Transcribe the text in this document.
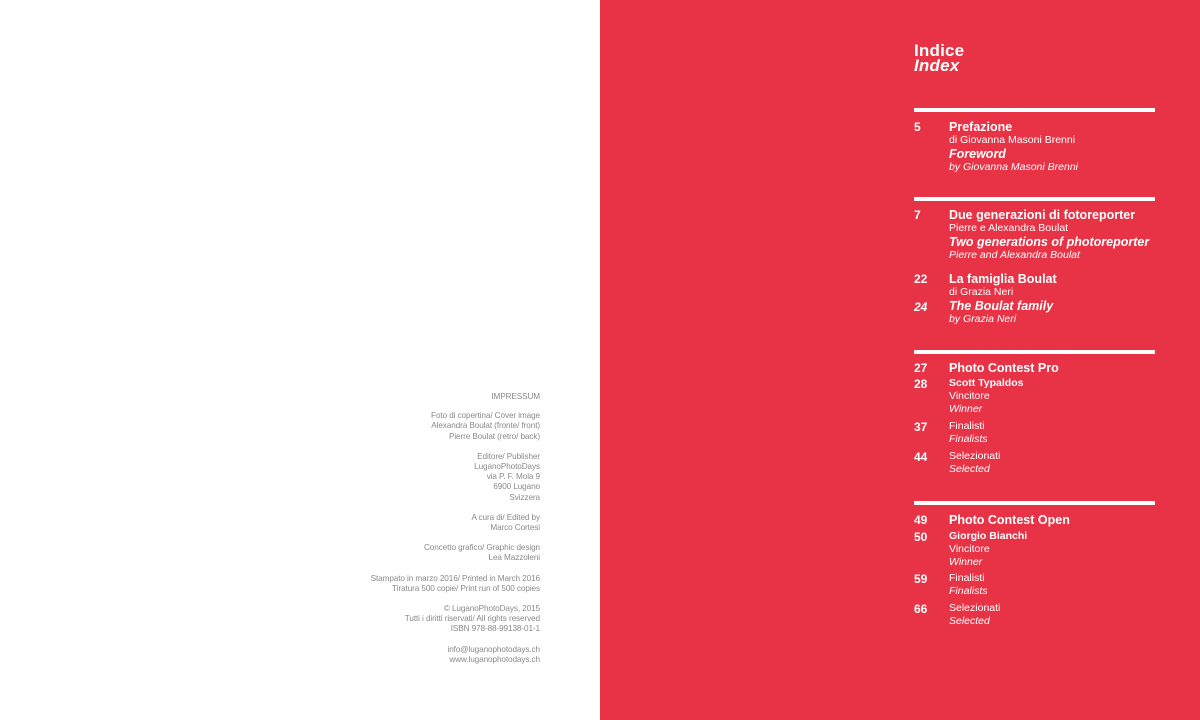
IMPRESSUM
Foto di copertina/ Cover image
Alexandra Boulat (fronte/ front)
Pierre Boulat (retro/ back)
Editore/ Publisher
LuganoPhotoDays
via P. F. Mola 9
6900 Lugano
Svizzera
A cura di/ Edited by
Marco Cortesi
Concetto grafico/ Graphic design
Lea Mazzoleni
Stampato in marzo 2016/ Printed in March 2016
Tiratura 500 copie/ Print run of 500 copies
© LuganoPhotoDays, 2015
Tutti i diritti riservati/ All rights reserved
ISBN 978-88-99138-01-1
info@luganophotodays.ch
www.luganophotodays.ch
Indice
Index
5 Prefazione
di Giovanna Masoni Brenni
Foreword
by Giovanna Masoni Brenni
7 Due generazioni di fotoreporter
Pierre e Alexandra Boulat
Two generations of photoreporter
Pierre and Alexandra Boulat
22
24
La famiglia Boulat
di Grazia Neri
The Boulat family
by Grazia Neri
27 Photo Contest Pro
28 Scott Typaldos
Vincitore
Winner
37 Finalisti
Finalists
44 Selezionati
Selected
49 Photo Contest Open
50 Giorgio Bianchi
Vincitore
Winner
59 Finalisti
Finalists
66 Selezionati
Selected
